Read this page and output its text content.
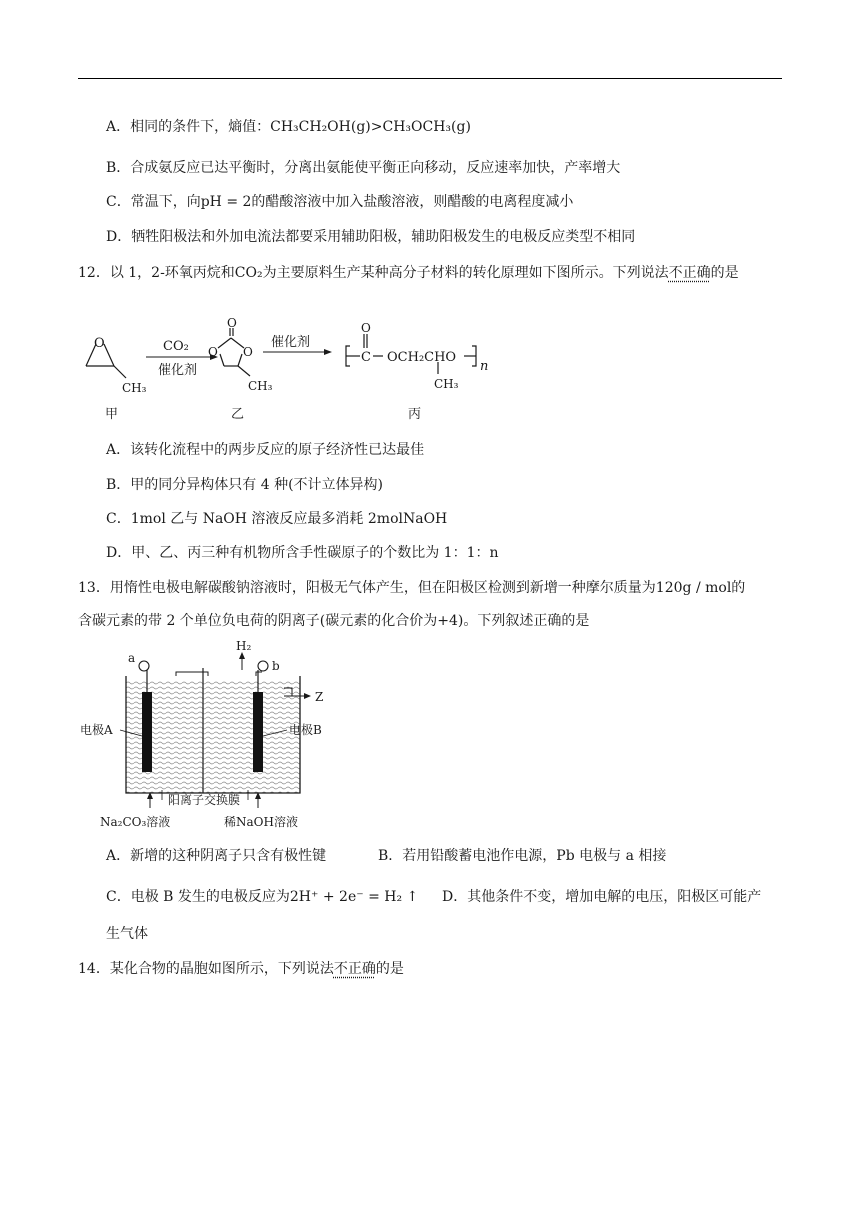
A．相同的条件下，熵值：CH₃CH₂OH(g)>CH₃OCH₃(g)
B．合成氨反应已达平衡时，分离出氨能使平衡正向移动，反应速率加快，产率增大
C．常温下，向pH = 2的醋酸溶液中加入盐酸溶液，则醋酸的电离程度减小
D．牺牲阳极法和外加电流法都要采用辅助阳极，辅助阳极发生的电极反应类型不相同
12．以 1，2-环氧丙烷和CO₂为主要原料生产某种高分子材料的转化原理如下图所示。下列说法不正确的是
O
CH₃
CO₂
催化剂
O
O O
CH₃
催化剂
O
C OCH₂CHO
CH₃
n
甲	乙	丙
A．该转化流程中的两步反应的原子经济性已达最佳
B．甲的同分异构体只有 4 种(不计立体异构)
C．1mol 乙与 NaOH 溶液反应最多消耗 2molNaOH
D．甲、乙、丙三种有机物所含手性碳原子的个数比为 1：1：n
13．用惰性电极电解碳酸钠溶液时，阳极无气体产生，但在阳极区检测到新增一种摩尔质量为120g / mol的
含碳元素的带 2 个单位负电荷的阴离子(碳元素的化合价为+4)。下列叙述正确的是
a
b
H₂
Z
电极A	电极B
阳离子交换膜
Na₂CO₃溶液	稀NaOH溶液
A．新增的这种阴离子只含有极性键	B．若用铅酸蓄电池作电源，Pb 电极与 a 相接
C．电极 B 发生的电极反应为2H⁺ + 2e⁻ = H₂ ↑ D．其他条件不变，增加电解的电压，阳极区可能产
生气体
14．某化合物的晶胞如图所示，下列说法不正确的是
